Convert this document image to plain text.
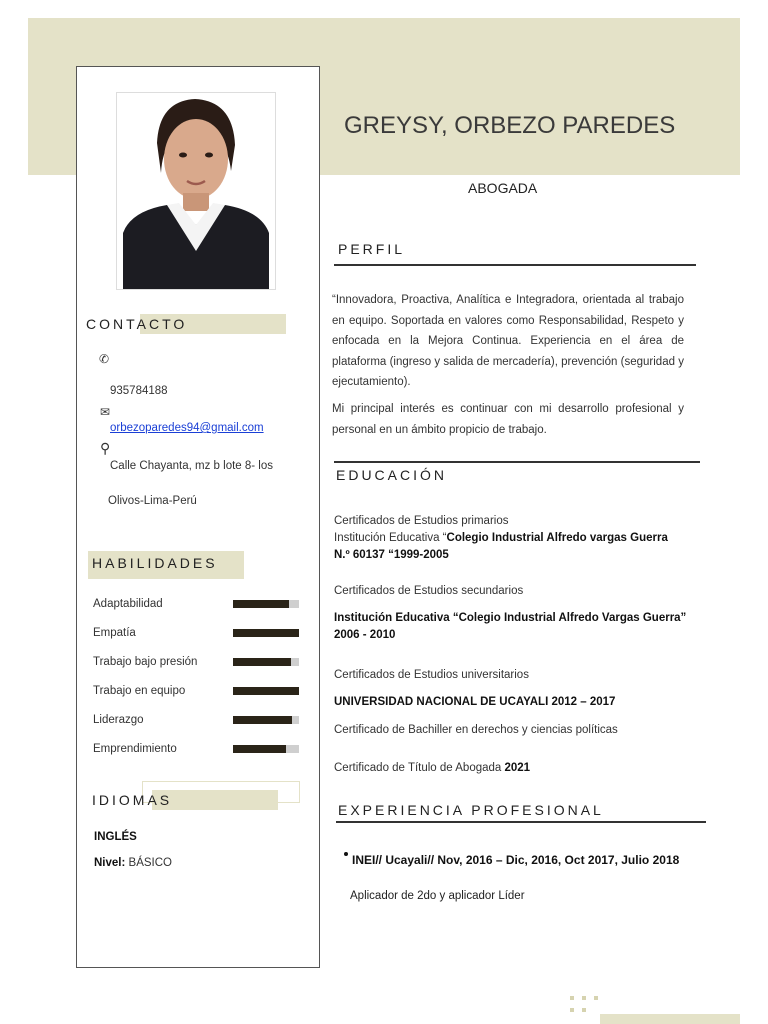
GREYSY, ORBEZO PAREDES
ABOGADA
CONTACTO
✆
935784188
✉
orbezoparedes94@gmail.com
⚲
Calle Chayanta, mz b lote 8- los
Olivos-Lima-Perú
HABILIDADES
Adaptabilidad
Empatía
Trabajo bajo presión
Trabajo en equipo
Liderazgo
Emprendimiento
IDIOMAS
INGLÉS
Nivel: BÁSICO
PERFIL
“Innovadora, Proactiva, Analítica e Integradora, orientada al trabajo en equipo. Soportada en valores como Responsabilidad, Respeto y enfocada en la Mejora Continua. Experiencia en el área de plataforma (ingreso y salida de mercadería), prevención (seguridad y ejecutamiento).
Mi principal interés es continuar con mi desarrollo profesional y personal en un ámbito propicio de trabajo.
EDUCACIÓN
Certificados de Estudios primarios
Institución Educativa “Colegio Industrial Alfredo vargas Guerra
N.º 60137 “1999-2005
Certificados de Estudios secundarios
Institución Educativa “Colegio Industrial Alfredo Vargas Guerra”
2006 - 2010
Certificados de Estudios universitarios
UNIVERSIDAD NACIONAL DE UCAYALI 2012 – 2017
Certificado de Bachiller en derechos y ciencias políticas
Certificado de Título de Abogada 2021
EXPERIENCIA PROFESIONAL
INEI// Ucayali// Nov, 2016 – Dic, 2016, Oct 2017, Julio 2018
Aplicador de 2do y aplicador Líder
